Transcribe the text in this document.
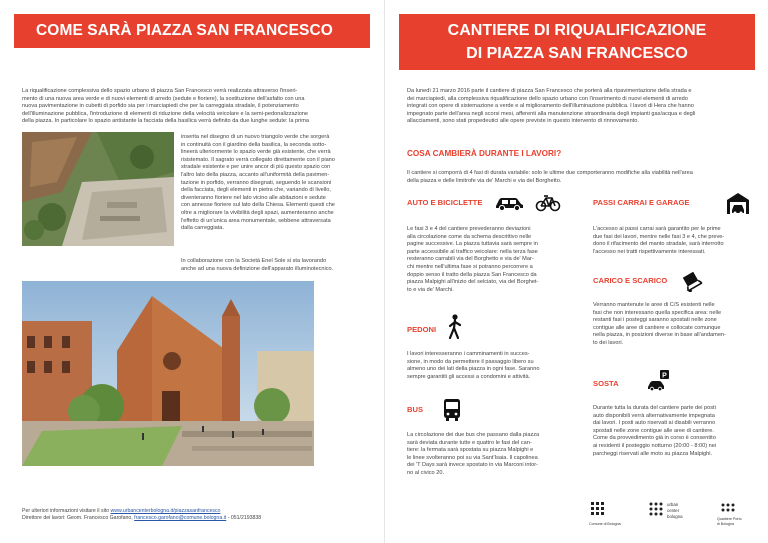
COME SARÀ PIAZZA SAN FRANCESCO
La riqualificazione complessiva dello spazio urbano di piazza San Francesco verrà realizzata attraverso l'inseri-
mento di una nuova area verde e di nuovi elementi di arredo (sedute e fioriere), la sostituzione dell'asfalto con una
nuova pavimentazione in cubetti di porfido sia per i marciapiedi che per la carreggiata stradale, il potenziamento
dell'illuminazione pubblica, l'introduzione di elementi di riduzione della velocità veicolare e la semi-pedonalizzazione
della piazza. In particolare lo spazio antistante la facciata della basilica verrà definito da due lunghe sedute: la prima
inserita nel disegno di un nuovo triangolo verde che sorgerà
in continuità con il giardino della basilica, la seconda sotto-
lineerà ulteriormente lo spazio verde già esistente, che verrà
risistemato. Il sagrato verrà collegato direttamente con il piano
stradale esistente e per unire ancor di più questo spazio con
l'altro lato della piazza, accanto all'uniformità della pavimen-
tazione in porfido, verranno disegnati, seguendo le scansioni
della facciata, degli elementi in pietra che, variando di livello,
diventeranno fioriere nel lato vicino alle abitazioni e sedute
con annesse fioriere sul lato della Chiesa. Elementi questi che
oltre a migliorare la vivibilità degli spazi, aumenteranno anche
l'effetto di un'unica area monumentale, sebbene attraversata
dalla carreggiata.
In collaborazione con la Società Enel Sole si sta lavorando
anche ad una nuova definizione dell'apparato illuminotecnico.
Per ulteriori informazioni visitare il sito www.urbancenterbologna.it/piazzasanfrancesco
Direttore dei lavori: Geom. Francesco Garofano, francesco.garofano@comune.bologna.it - 051/2193838
CANTIERE DI RIQUALIFICAZIONE
DI PIAZZA SAN FRANCESCO
Da lunedì 21 marzo 2016 parte il cantiere di piazza San Francesco che porterà alla ripavimentazione della strada e
dei marciapiedi, alla complessiva riqualificazione dello spazio urbano con l'inserimento di nuovi elementi di arredo
integrati con opere di sistemazione a verde e al miglioramento dell'illuminazione pubblica. I lavori di Hera che hanno
impegnato parte dell'area negli scorsi mesi, afferenti alla manutenzione straordinaria degli impianti gas/acqua e degli
allacciamenti, sono stati propedeutici alle opere previste in questo intervento di rinnovamento.
COSA CAMBIERÀ DURANTE I LAVORI?
Il cantiere si comporrà di 4 fasi di durata variabile: solo le ultime due comporteranno modifiche alla viabilità nell'area
della piazza e delle limitrofe via de' Marchi e via del Borghetto.
AUTO E BICICLETTE
Le fasi 3 e 4 del cantiere prevederanno deviazioni
alla circolazione come da schema descrittivo nelle
pagine successive. La piazza tuttavia sarà sempre in
parte accessibile al traffico veicolare: nella terza fase
resteranno carrabili via del Borghetto e via de' Mar-
chi mentre nell'ultima fase si potranno percorrere a
doppio senso il tratto della piazza San Francesco da
piazza Malpighi all'inizio del selciato, via del Borghet-
to e via de' Marchi.
PASSI CARRAI E GARAGE
L'accesso ai passi carrai sarà garantito per le prime
due fasi dei lavori, mentre nelle fasi 3 e 4, che preve-
dono il rifacimento del manto stradale, sarà interrotto
l'accesso nei tratti rispettivamente interessati.
CARICO E SCARICO
Verranno mantenute le aree di C/S esistenti nelle
fasi che non interessano quella specifica area: nelle
restanti fasi i posteggi saranno spostati nelle zone
contigue alle aree di cantiere e collocate comunque
nella piazza, in posizioni diverse in base all'andamen-
to dei lavori.
PEDONI
I lavori interesseranno i camminamenti in succes-
sione, in modo da permettere il passaggio libero su
almeno uno dei lati della piazza in ogni fase. Saranno
sempre garantiti gli accessi a condomini e attività.
SOSTA
P
Durante tutta la durata del cantiere parte dei posti
auto disponibili verrà alternativamente impegnata
dai lavori. I posti auto riservati ai disabili verranno
spostati nelle zone contigue alle aree di cantiere.
Come da provvedimento già in corso è consentito
ai residenti il posteggio notturno (20:00 - 8:00) nei
parcheggi riservati alle moto su piazza Malpighi.
BUS
La circolazione dei due bus che passano dalla piazza
sarà deviata durante tutte e quattro le fasi del can-
tiere: la fermata sarà spostata su piazza Malpighi e
le linee svolteranno poi su via Sant'Isaia. Il capolinea
dei 'T Days sarà invece spostato in via Marconi intor-
no al civico 20.
Comune di Bologna
urban
center
bologna	Quartiere Porto
di Bologna
